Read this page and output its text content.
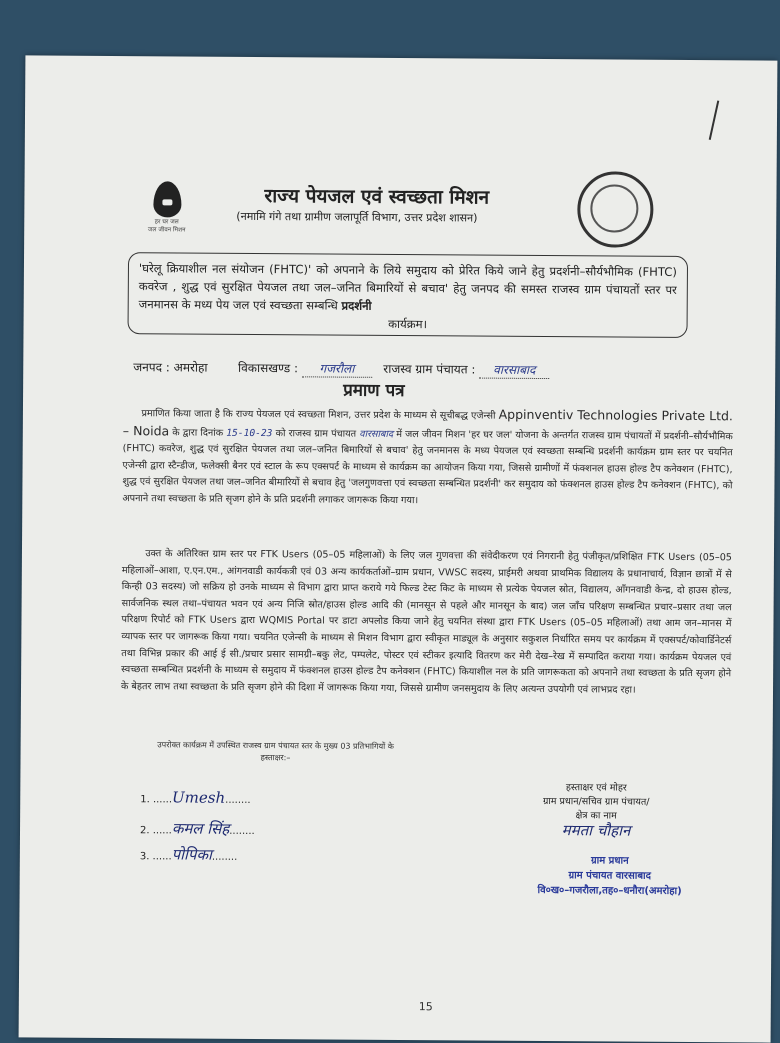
हर घर जल
जल जीवन मिशन
राज्य पेयजल एवं स्वच्छता मिशन
(नमामि गंगे तथा ग्रामीण जलापूर्ति विभाग, उत्तर प्रदेश शासन)
'घरेलू क्रियाशील नल संयोजन (FHTC)' को अपनाने के लिये समुदाय को प्रेरित किये जाने हेतु प्रदर्शनी–सौर्यभौमिक (FHTC) कवरेज , शुद्ध एवं सुरक्षित पेयजल तथा जल–जनित बिमारियों से बचाव' हेतु जनपद की समस्त राजस्व ग्राम पंचायतों स्तर पर जनमानस के मध्य पेय जल एवं स्वच्छता सम्बन्धि प्रदर्शनी
कार्यक्रम।
जनपद : अमरोहा	विकासखण्ड : गजरौला राजस्व ग्राम पंचायत : वारसाबाद
प्रमाण पत्र
प्रमाणित किया जाता है कि राज्य पेयजल एवं स्वच्छता मिशन, उत्तर प्रदेश के माध्यम से सूचीबद्ध एजेन्सी Appinventiv Technologies Private Ltd. – Noida के द्वारा दिनांक 15-10-23 को राजस्व ग्राम पंचायत वारसाबाद में जल जीवन मिशन 'हर घर जल' योजना के अन्तर्गत राजस्व ग्राम पंचायतों में प्रदर्शनी–सौर्यभौमिक (FHTC) कवरेज, शुद्ध एवं सुरक्षित पेयजल तथा जल–जनित बिमारियों से बचाव' हेतु जनमानस के मध्य पेयजल एवं स्वच्छता सम्बन्धि प्रदर्शनी कार्यक्रम ग्राम स्तर पर चयनित एजेन्सी द्वारा स्टैन्डीज, फलेक्सी बैनर एवं स्टाल के रूप एक्सपर्ट के माध्यम से कार्यक्रम का आयोजन किया गया, जिससे ग्रामीणों में फंक्शनल हाउस होल्ड टैप कनेक्शन (FHTC), शुद्ध एवं सुरक्षित पेयजल तथा जल–जनित बीमारियों से बचाव हेतु 'जलगुणवत्ता एवं स्वच्छता सम्बन्धित प्रदर्शनी' कर समुदाय को फंक्शनल हाउस होल्ड टैप कनेक्शन (FHTC), को अपनाने तथा स्वच्छता के प्रति सृजग होने के प्रति प्रदर्शनी लगाकर जागरूक किया गया।
उक्त के अतिरिक्त ग्राम स्तर पर FTK Users (05–05 महिलाओं) के लिए जल गुणवत्ता की संवेदीकरण एवं निगरानी हेतु पंजीकृत/प्रशिक्षित FTK Users (05–05 महिलाओं–आशा, ए.एन.एम., आंगनवाडी कार्यकत्री एवं 03 अन्य कार्यकर्ताओं–ग्राम प्रधान, VWSC सदस्य, प्राईमरी अथवा प्राथमिक विद्यालय के प्रधानाचार्य, विज्ञान छात्रों में से किन्ही 03 सदस्य) जो सक्रिय हो उनके माध्यम से विभाग द्वारा प्राप्त कराये गये फिल्ड टेस्ट किट के माध्यम से प्रत्येक पेयजल स्रोत, विद्यालय, आँगनवाडी केन्द्र, दो हाउस होल्ड, सार्वजनिक स्थल तथा–पंचायत भवन एवं अन्य निजि स्रोत/हाउस होल्ड आदि की (मानसून से पहले और मानसून के बाद) जल जाँच परिक्षण सम्बन्धित प्रचार–प्रसार तथा जल परिक्षण रिपोर्ट को FTK Users द्वारा WQMIS Portal पर डाटा अपलोड किया जाने हेतु चयनित संस्था द्वारा FTK Users (05–05 महिलाओं) तथा आम जन–मानस में व्यापक स्तर पर जागरूक किया गया। चयनित एजेन्सी के माध्यम से मिशन विभाग द्वारा स्वीकृत माड्यूल के अनुसार सकुशल निर्धारित समय पर कार्यक्रम में एक्सपर्ट/कोवार्डिनेटर्स तथा विभिन्न प्रकार की आई ई सी./प्रचार प्रसार सामग्री–बकु लेट, पम्पलेट, पोस्टर एवं स्टीकर इत्यादि वितरण कर मेरी देख–रेख में सम्पादित कराया गया। कार्यक्रम पेयजल एवं स्वच्छता सम्बन्धित प्रदर्शनी के माध्यम से समुदाय में फंक्शनल हाउस होल्ड टैप कनेक्शन (FHTC) कियाशील नल के प्रति जागरूकता को अपनाने तथा स्वच्छता के प्रति सृजग होने के बेहतर लाभ तथा स्वच्छता के प्रति सृजग होने की दिशा में जागरूक किया गया, जिससे ग्रामीण जनसमुदाय के लिए अत्यन्त उपयोगी एवं लाभप्रद रहा।
उपरोक्त कार्यक्रम में उपस्थित राजस्व ग्राम पंचायत स्तर के मुख्य 03 प्रतिभागियों के हस्ताक्षर:–
1. ......Umesh........
2. ......कमल सिंह........
3. ......पोपिका........
हस्ताक्षर एवं मोहर
ग्राम प्रधान/सचिव ग्राम पंचायत/
क्षेत्र का नाम
ममता चौहान
ग्राम प्रधान
ग्राम पंचायत वारसाबाद
वि०ख०–गजरौला,तह०–धनौरा(अमरोहा)
15
